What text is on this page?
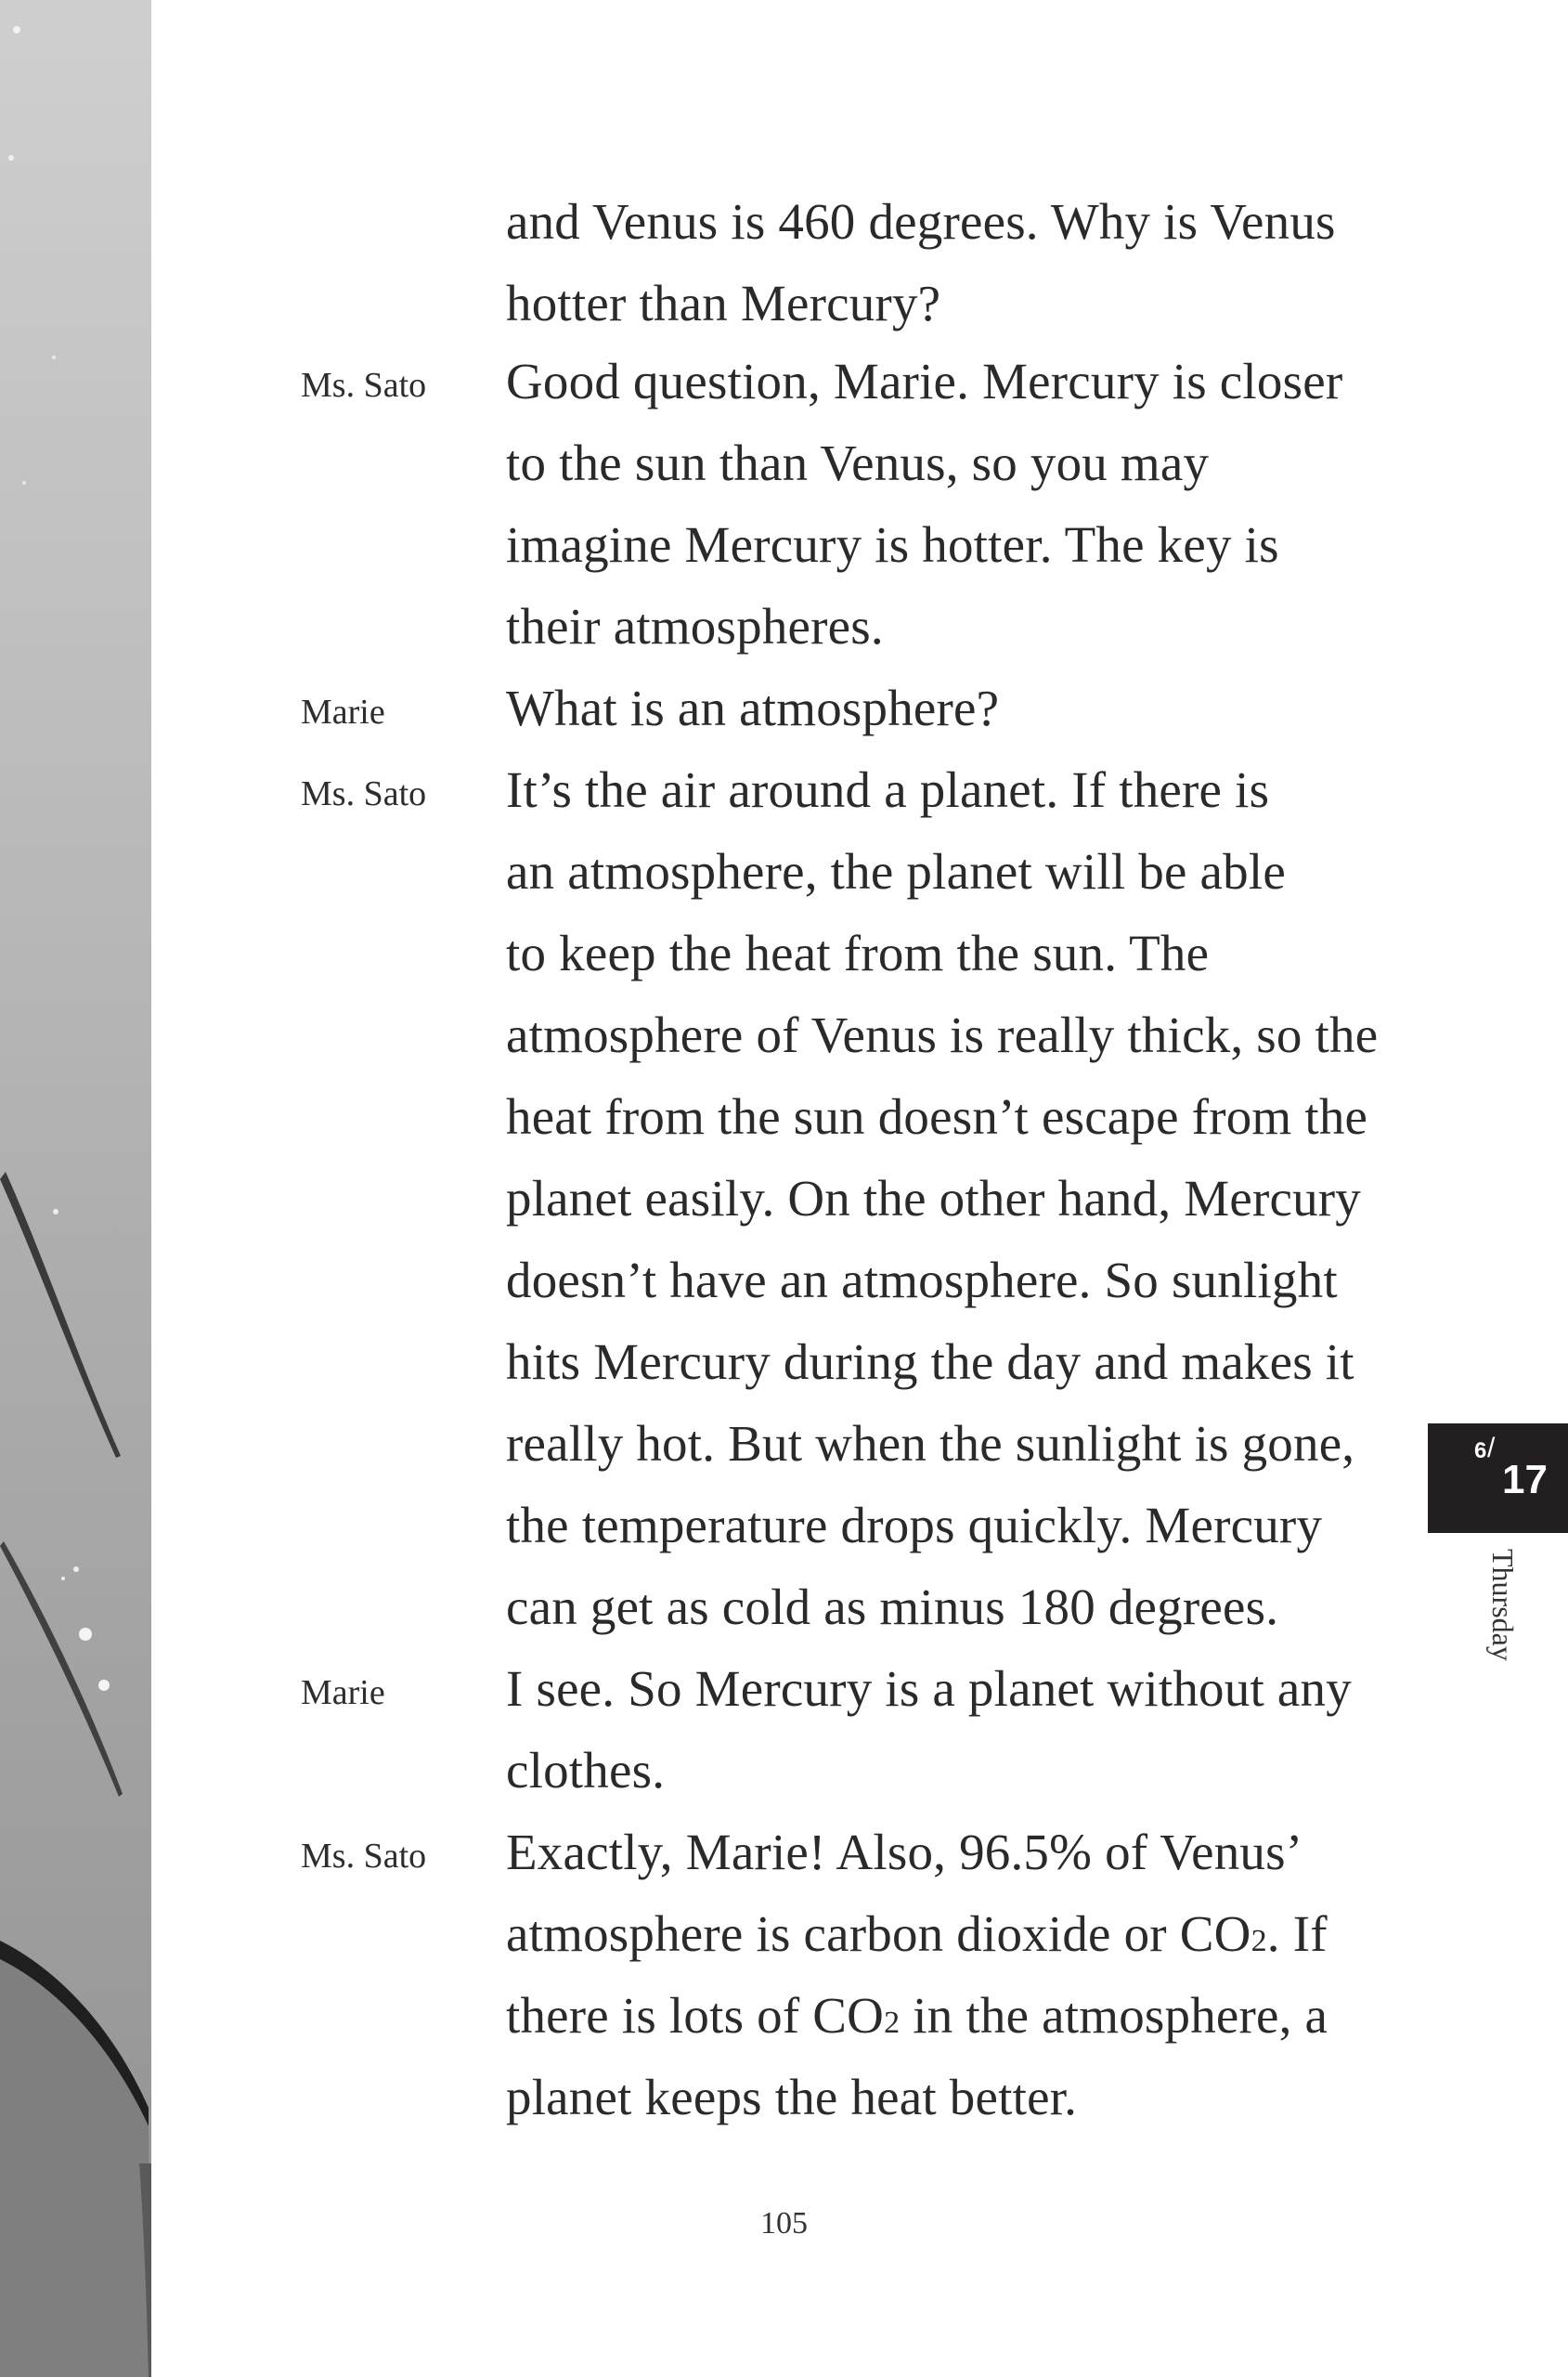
and Venus is 460 degrees. Why is Venus
hotter than Mercury?
Ms. Sato	Good question, Marie. Mercury is closer
to the sun than Venus, so you may
imagine Mercury is hotter. The key is
their atmospheres.
Marie	What is an atmosphere?
Ms. Sato	It’s the air around a planet. If there is
an atmosphere, the planet will be able
to keep the heat from the sun. The
atmosphere of Venus is really thick, so the
heat from the sun doesn’t escape from the
planet easily. On the other hand, Mercury
doesn’t have an atmosphere. So sunlight
hits Mercury during the day and makes it
really hot. But when the sunlight is gone,
the temperature drops quickly. Mercury
can get as cold as minus 180 degrees.
Marie	I see. So Mercury is a planet without any
clothes.
Ms. Sato	Exactly, Marie! Also, 96.5% of Venus’
atmosphere is carbon dioxide or CO2. If
there is lots of CO2 in the atmosphere, a
planet keeps the heat better.
6 /
17
Thursday
105
